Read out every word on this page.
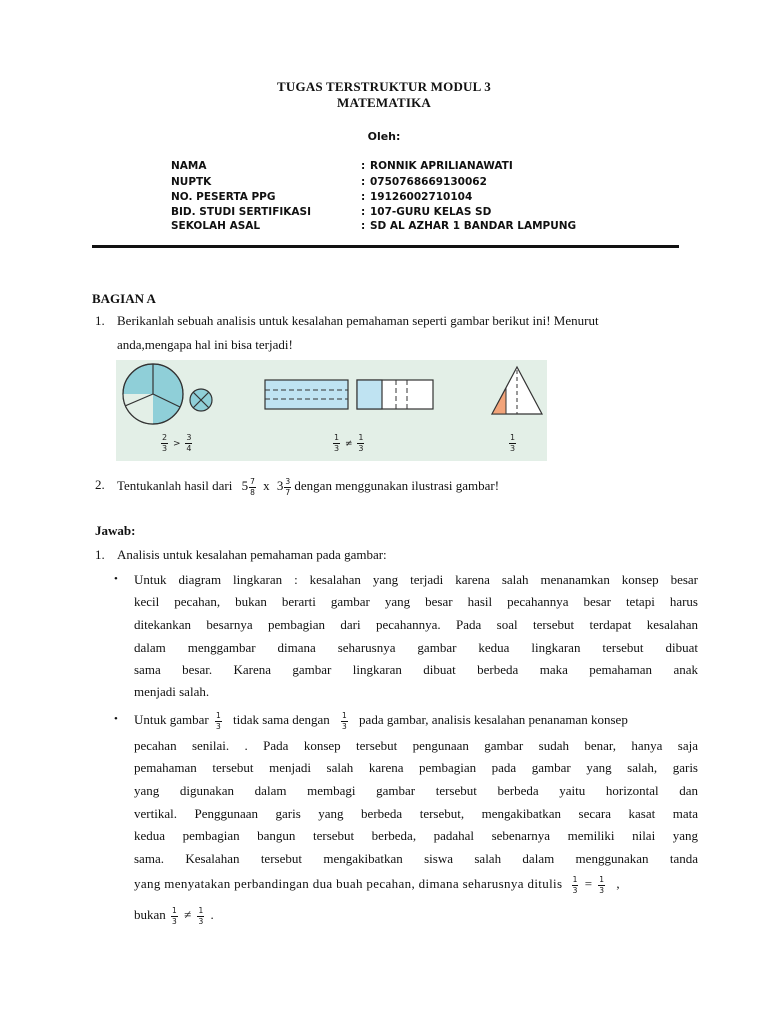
TUGAS TERSTRUKTUR MODUL 3
MATEMATIKA
Oleh:
NAMA	: RONNIK APRILIANAWATI
NUPTK	: 0750768669130062
NO. PESERTA PPG	: 19126002710104
BID. STUDI SERTIFIKASI	: 107-GURU KELAS SD
SEKOLAH ASAL	: SD AL AZHAR 1 BANDAR LAMPUNG
BAGIAN A
1. Berikanlah sebuah analisis untuk kesalahan pemahaman seperti gambar berikut ini! Menurut
anda,mengapa hal ini bisa terjadi!
$\frac{2}{3} > \frac{3}{4}$	$\frac{1}{3} \ne \frac{1}{3}$	$\frac{1}{3}$
2. Tentukanlah hasil dari $5 \frac{7}{8}$ x $3 \frac{3}{7}$ dengan menggunakan ilustrasi gambar!
Jawab:
1. Analisis untuk kesalahan pemahaman pada gambar:
• Untuk diagram lingkaran : kesalahan yang terjadi karena salah menanamkan konsep besar
kecil pecahan, bukan berarti gambar yang besar hasil pecahannya besar tetapi harus
ditekankan besarnya pembagian dari pecahannya. Pada soal tersebut terdapat kesalahan
dalam menggambar dimana seharusnya gambar kedua lingkaran tersebut dibuat
sama besar. Karena gambar lingkaran dibuat berbeda maka pemahaman anak
menjadi salah.
• Untuk gambar $\frac{1}{3}$ tidak sama dengan $\frac{1}{3}$ pada gambar, analisis kesalahan penanaman konsep
pecahan senilai. . Pada konsep tersebut pengunaan gambar sudah benar, hanya saja
pemahaman tersebut menjadi salah karena pembagian pada gambar yang salah, garis
yang digunakan dalam membagi gambar tersebut berbeda yaitu horizontal dan
vertikal. Penggunaan garis yang berbeda tersebut, mengakibatkan secara kasat mata
kedua pembagian bangun tersebut berbeda, padahal sebenarnya memiliki nilai yang
sama. Kesalahan tersebut mengakibatkan siswa salah dalam menggunakan tanda
yang menyatakan perbandingan dua buah pecahan, dimana seharusnya ditulis $\frac{1}{3} = \frac{1}{3}$ ,
bukan $\frac{1}{3} \ne \frac{1}{3}$ .
